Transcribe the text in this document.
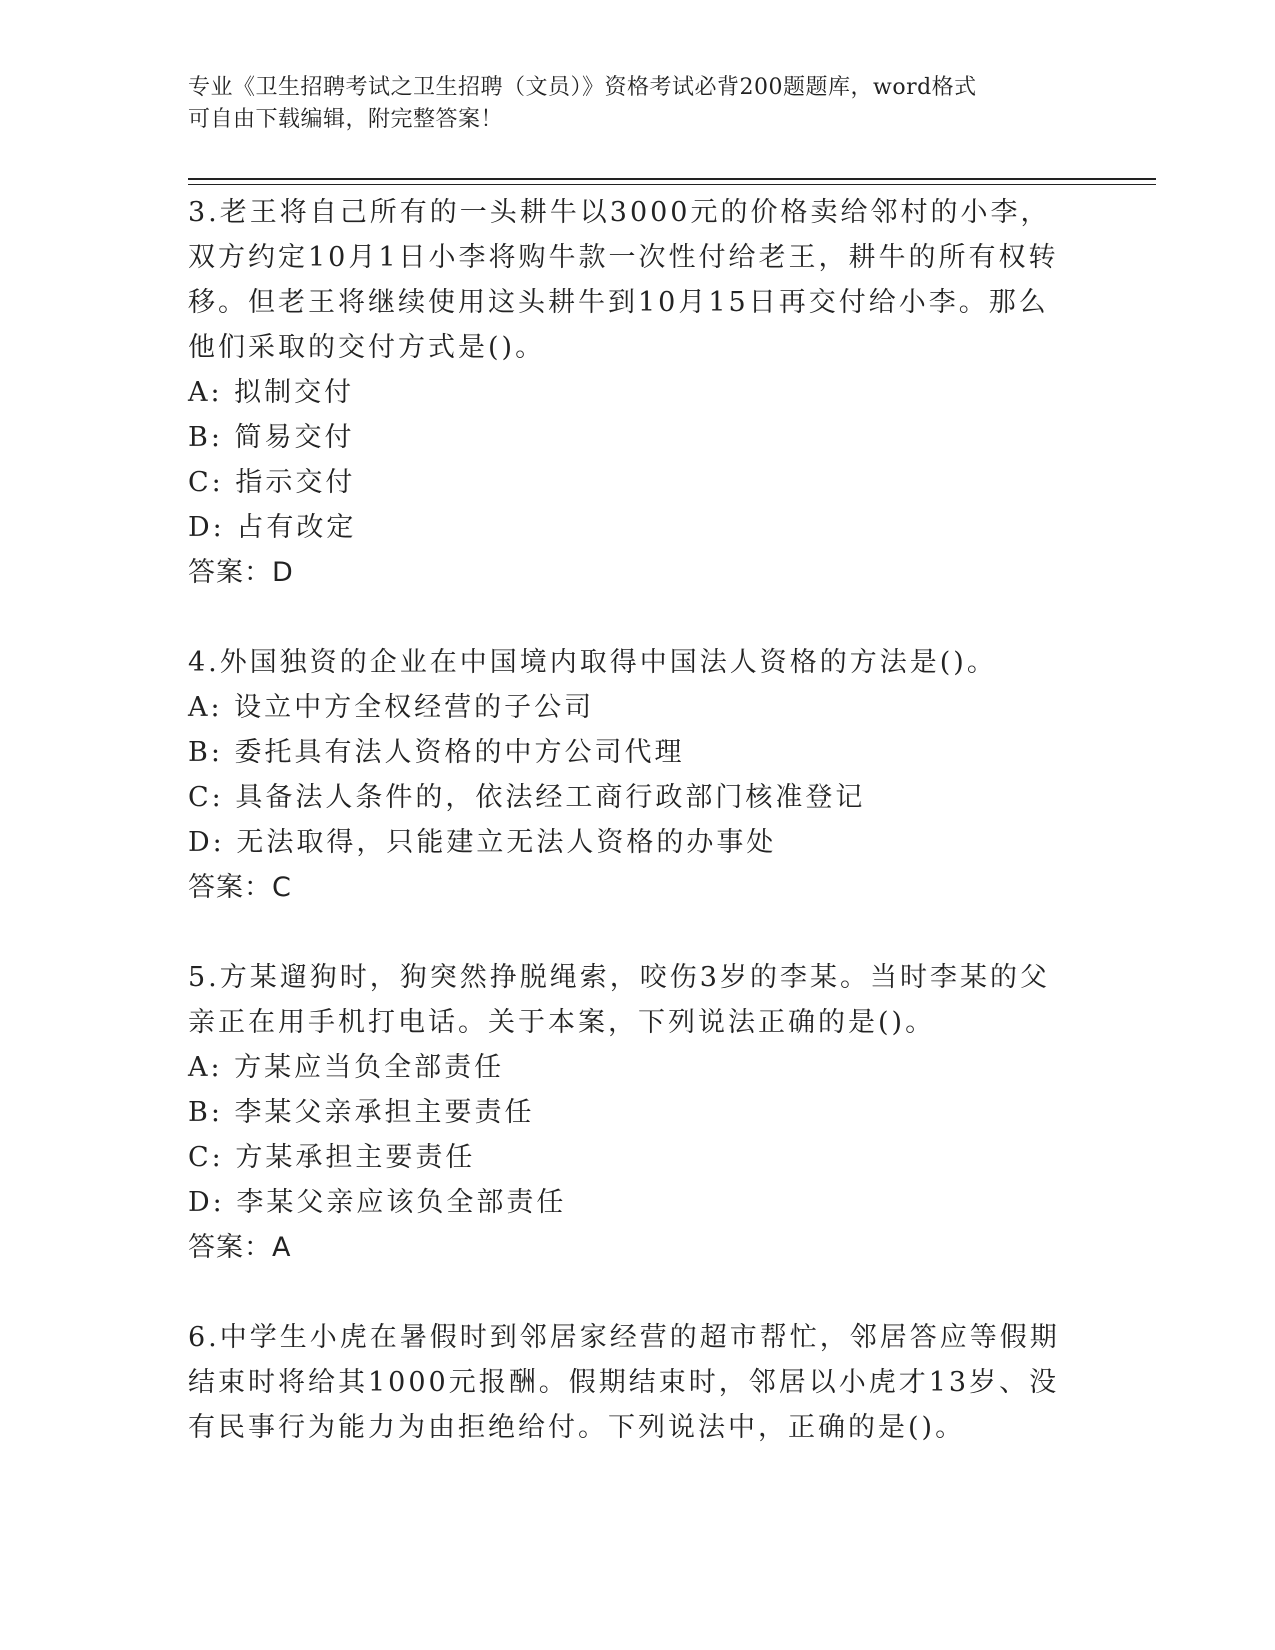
专业《卫生招聘考试之卫生招聘（文员）》资格考试必背200题题库，word格式
可自由下载编辑，附完整答案！
3.老王将自己所有的一头耕牛以3000元的价格卖给邻村的小李，双方约定10月1日小李将购牛款一次性付给老王，耕牛的所有权转移。但老王将继续使用这头耕牛到10月15日再交付给小李。那么他们采取的交付方式是()。
A: 拟制交付
B: 简易交付
C: 指示交付
D: 占有改定
答案：D
4.外国独资的企业在中国境内取得中国法人资格的方法是()。
A: 设立中方全权经营的子公司
B: 委托具有法人资格的中方公司代理
C: 具备法人条件的，依法经工商行政部门核准登记
D: 无法取得，只能建立无法人资格的办事处
答案：C
5.方某遛狗时，狗突然挣脱绳索，咬伤3岁的李某。当时李某的父亲正在用手机打电话。关于本案，下列说法正确的是()。
A: 方某应当负全部责任
B: 李某父亲承担主要责任
C: 方某承担主要责任
D: 李某父亲应该负全部责任
答案：A
6.中学生小虎在暑假时到邻居家经营的超市帮忙，邻居答应等假期结束时将给其1000元报酬。假期结束时，邻居以小虎才13岁、没有民事行为能力为由拒绝给付。下列说法中，正确的是()。
